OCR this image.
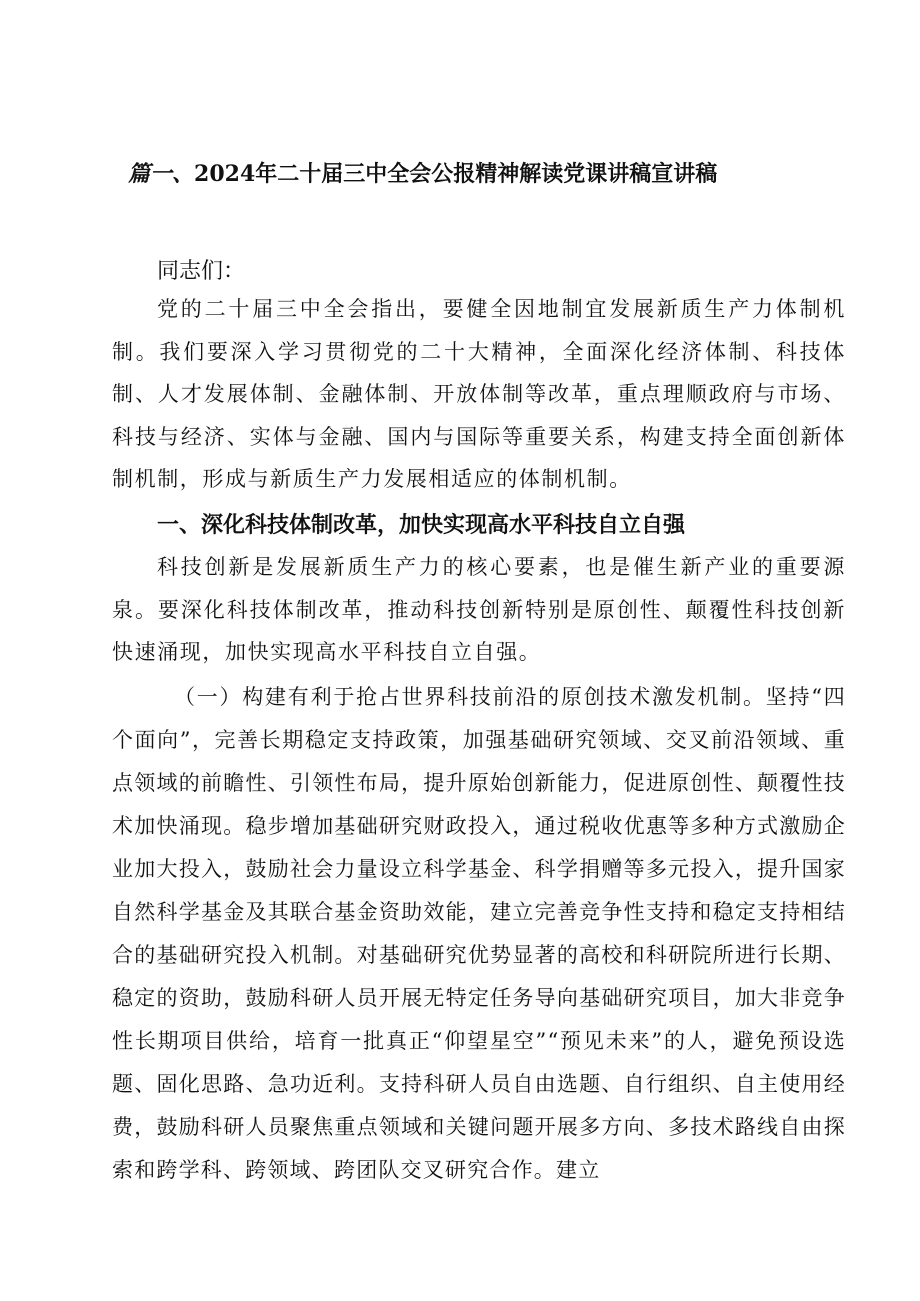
篇一、2024年二十届三中全会公报精神解读党课讲稿宣讲稿

同志们：

党的二十届三中全会指出，要健全因地制宜发展新质生产力体制机制。我们要深入学习贯彻党的二十大精神，全面深化经济体制、科技体制、人才发展体制、金融体制、开放体制等改革，重点理顺政府与市场、科技与经济、实体与金融、国内与国际等重要关系，构建支持全面创新体制机制，形成与新质生产力发展相适应的体制机制。

一、深化科技体制改革，加快实现高水平科技自立自强

科技创新是发展新质生产力的核心要素，也是催生新产业的重要源泉。要深化科技体制改革，推动科技创新特别是原创性、颠覆性科技创新快速涌现，加快实现高水平科技自立自强。

（一）构建有利于抢占世界科技前沿的原创技术激发机制。坚持“四个面向”，完善长期稳定支持政策，加强基础研究领域、交叉前沿领域、重点领域的前瞻性、引领性布局，提升原始创新能力，促进原创性、颠覆性技术加快涌现。稳步增加基础研究财政投入，通过税收优惠等多种方式激励企业加大投入，鼓励社会力量设立科学基金、科学捐赠等多元投入，提升国家自然科学基金及其联合基金资助效能，建立完善竞争性支持和稳定支持相结合的基础研究投入机制。对基础研究优势显著的高校和科研院所进行长期、稳定的资助，鼓励科研人员开展无特定任务导向基础研究项目，加大非竞争性长期项目供给，培育一批真正“仰望星空”“预见未来”的人，避免预设选题、固化思路、急功近利。支持科研人员自由选题、自行组织、自主使用经费，鼓励科研人员聚焦重点领域和关键问题开展多方向、多技术路线自由探索和跨学科、跨领域、跨团队交叉研究合作。建立
